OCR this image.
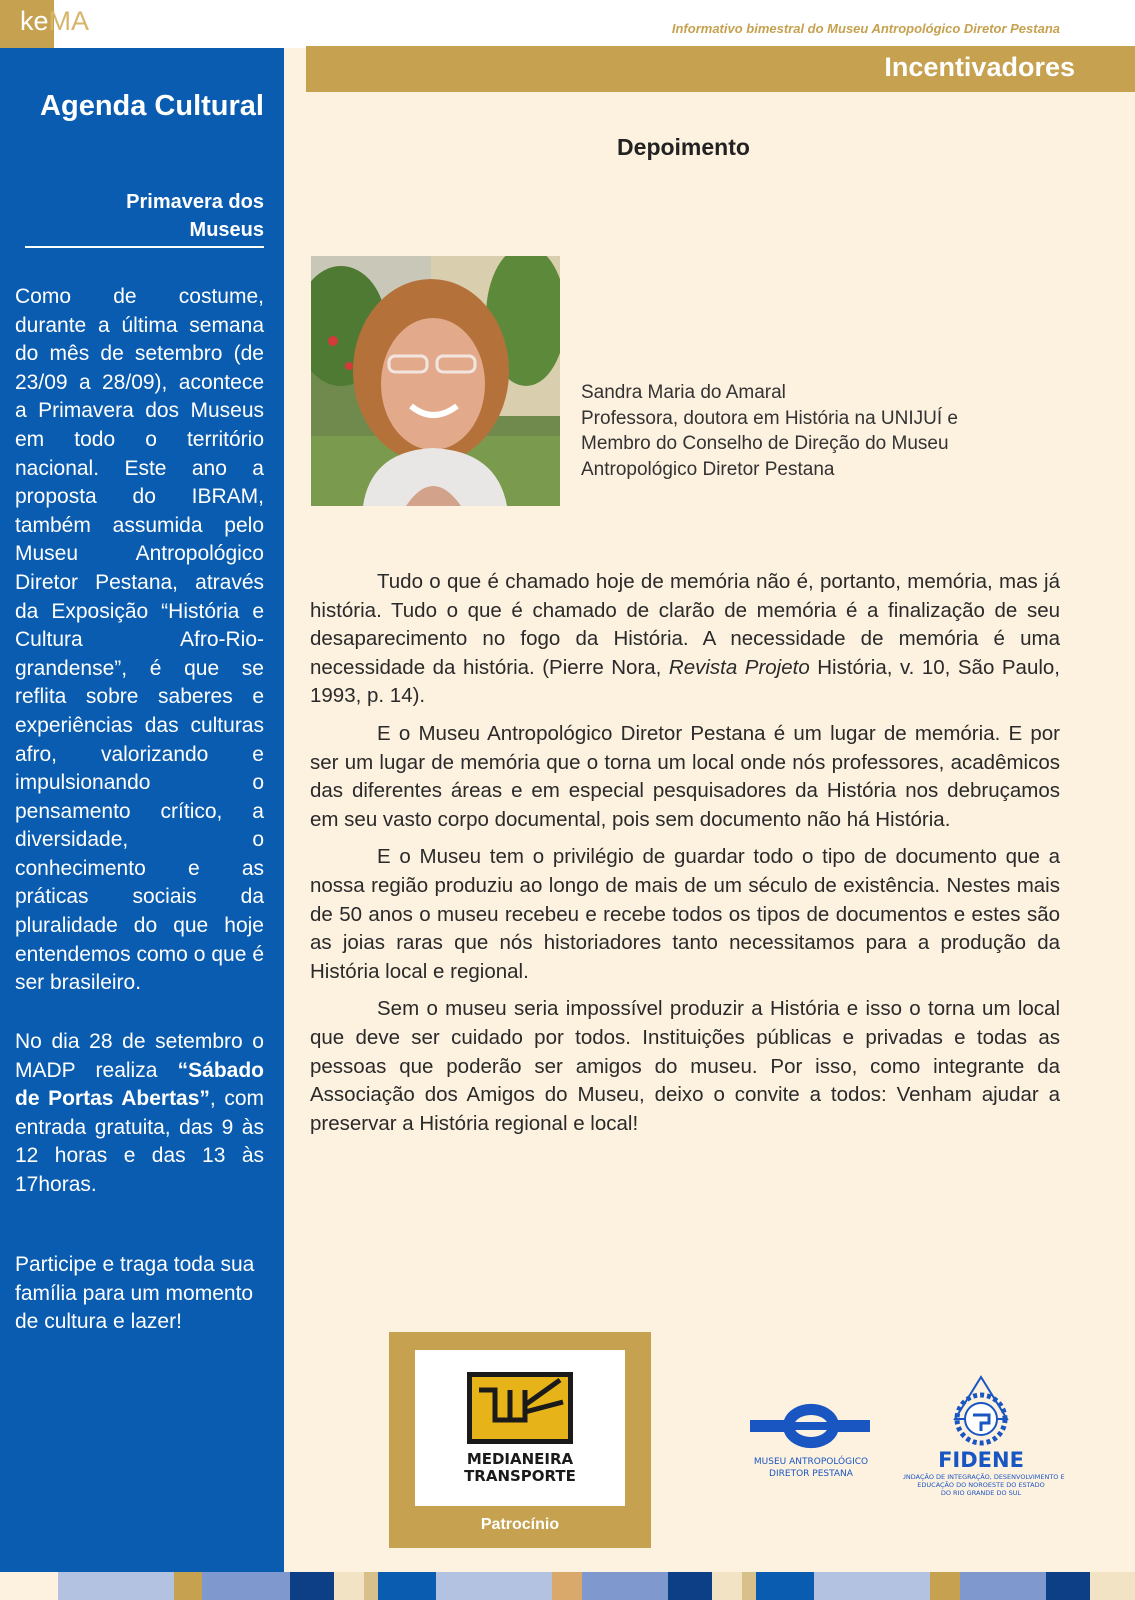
keMA	Informativo bimestral do Museu Antropológico Diretor Pestana
Agenda Cultural
Primavera dos
Museus
Como de costume, durante a última semana do mês de setembro (de 23/09 a 28/09), acontece a Primavera dos Museus em todo o território nacional. Este ano a proposta do IBRAM, também assumida pelo Museu Antropológico Diretor Pestana, através da Exposição “História e Cultura Afro-Rio-grandense”, é que se reflita sobre saberes e experiências das culturas afro, valorizando e impulsionando o pensamento crítico, a diversidade, o conhecimento e as práticas sociais da pluralidade do que hoje entendemos como o que é ser brasileiro.
No dia 28 de setembro o MADP realiza “Sábado de Portas Abertas”, com entrada gratuita, das 9 às 12 horas e das 13 às 17horas.
Participe e traga toda sua família para um momento de cultura e lazer!
Incentivadores
Depoimento
Sandra Maria do Amaral
Professora, doutora em História na UNIJUÍ e
Membro do Conselho de Direção do Museu
Antropológico Diretor Pestana

Tudo o que é chamado hoje de memória não é, portanto, memória, mas já história. Tudo o que é chamado de clarão de memória é a finalização de seu desaparecimento no fogo da História. A necessidade de memória é uma necessidade da história. (Pierre Nora, Revista Projeto História, v. 10, São Paulo, 1993, p. 14).

E o Museu Antropológico Diretor Pestana é um lugar de memória. E por ser um lugar de memória que o torna um local onde nós professores, acadêmicos das diferentes áreas e em especial pesquisadores da História nos debruçamos em seu vasto corpo documental, pois sem documento não há História.

E o Museu tem o privilégio de guardar todo o tipo de documento que a nossa região produziu ao longo de mais de um século de existência. Nestes mais de 50 anos o museu recebeu e recebe todos os tipos de documentos e estes são as joias raras que nós historiadores tanto necessitamos para a produção da História local e regional.

Sem o museu seria impossível produzir a História e isso o torna um local que deve ser cuidado por todos. Instituições públicas e privadas e todas as pessoas que poderão ser amigos do museu. Por isso, como integrante da Associação dos Amigos do Museu, deixo o convite a todos: Venham ajudar a preservar a História regional e local!

MEDIANEIRA
TRANSPORTE
Patrocínio
MUSEU ANTROPOLÓGICO
DIRETOR PESTANA
FIDENE
FUNDAÇÃO DE INTEGRAÇÃO, DESENVOLVIMENTO E
EDUCAÇÃO DO NOROESTE DO ESTADO
DO RIO GRANDE DO SUL
